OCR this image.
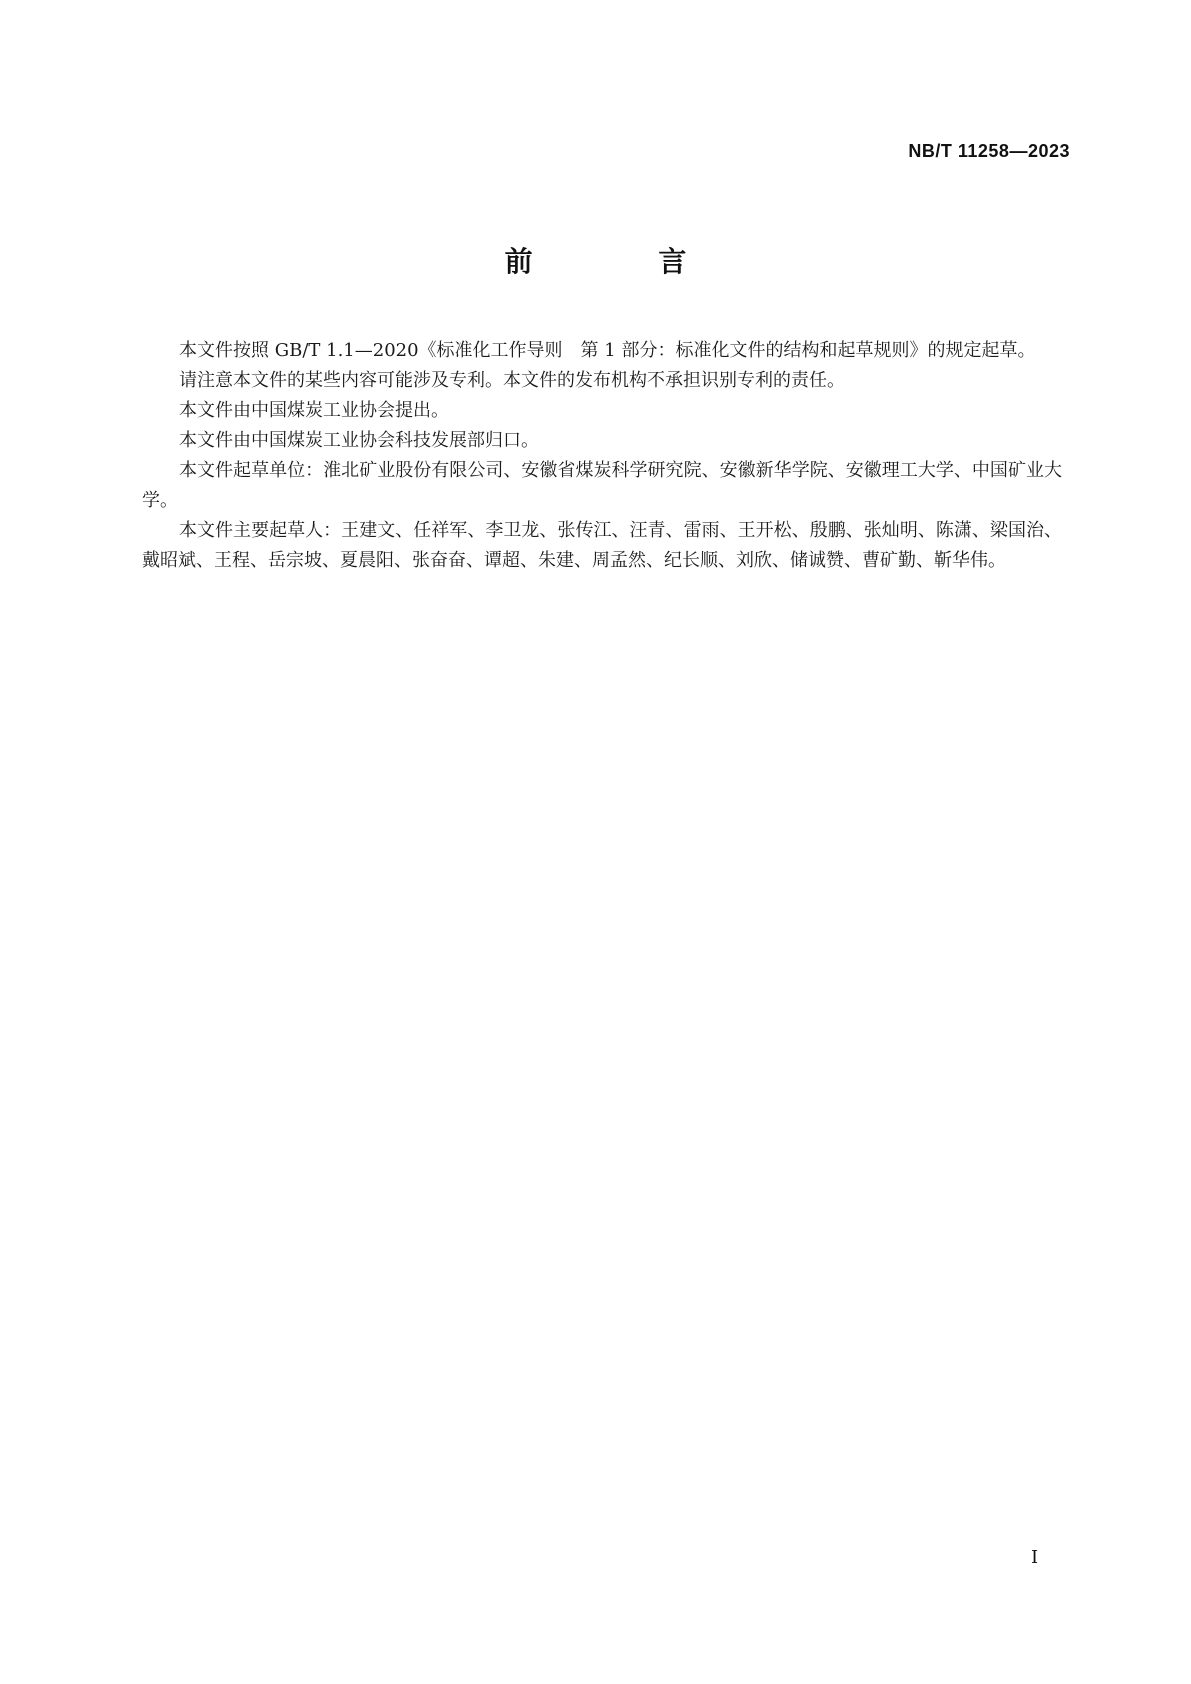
NB/T 11258—2023
前 言

本文件按照 GB/T 1.1—2020《标准化工作导则　第 1 部分：标准化文件的结构和起草规则》的规定起草。

请注意本文件的某些内容可能涉及专利。本文件的发布机构不承担识别专利的责任。

本文件由中国煤炭工业协会提出。

本文件由中国煤炭工业协会科技发展部归口。

本文件起草单位：淮北矿业股份有限公司、安徽省煤炭科学研究院、安徽新华学院、安徽理工大学、中国矿业大学。

本文件主要起草人：王建文、任祥军、李卫龙、张传江、汪青、雷雨、王开松、殷鹏、张灿明、陈潇、梁国治、戴昭斌、王程、岳宗坡、夏晨阳、张奋奋、谭超、朱建、周孟然、纪长顺、刘欣、储诚赞、曹矿勤、靳华伟。

I
